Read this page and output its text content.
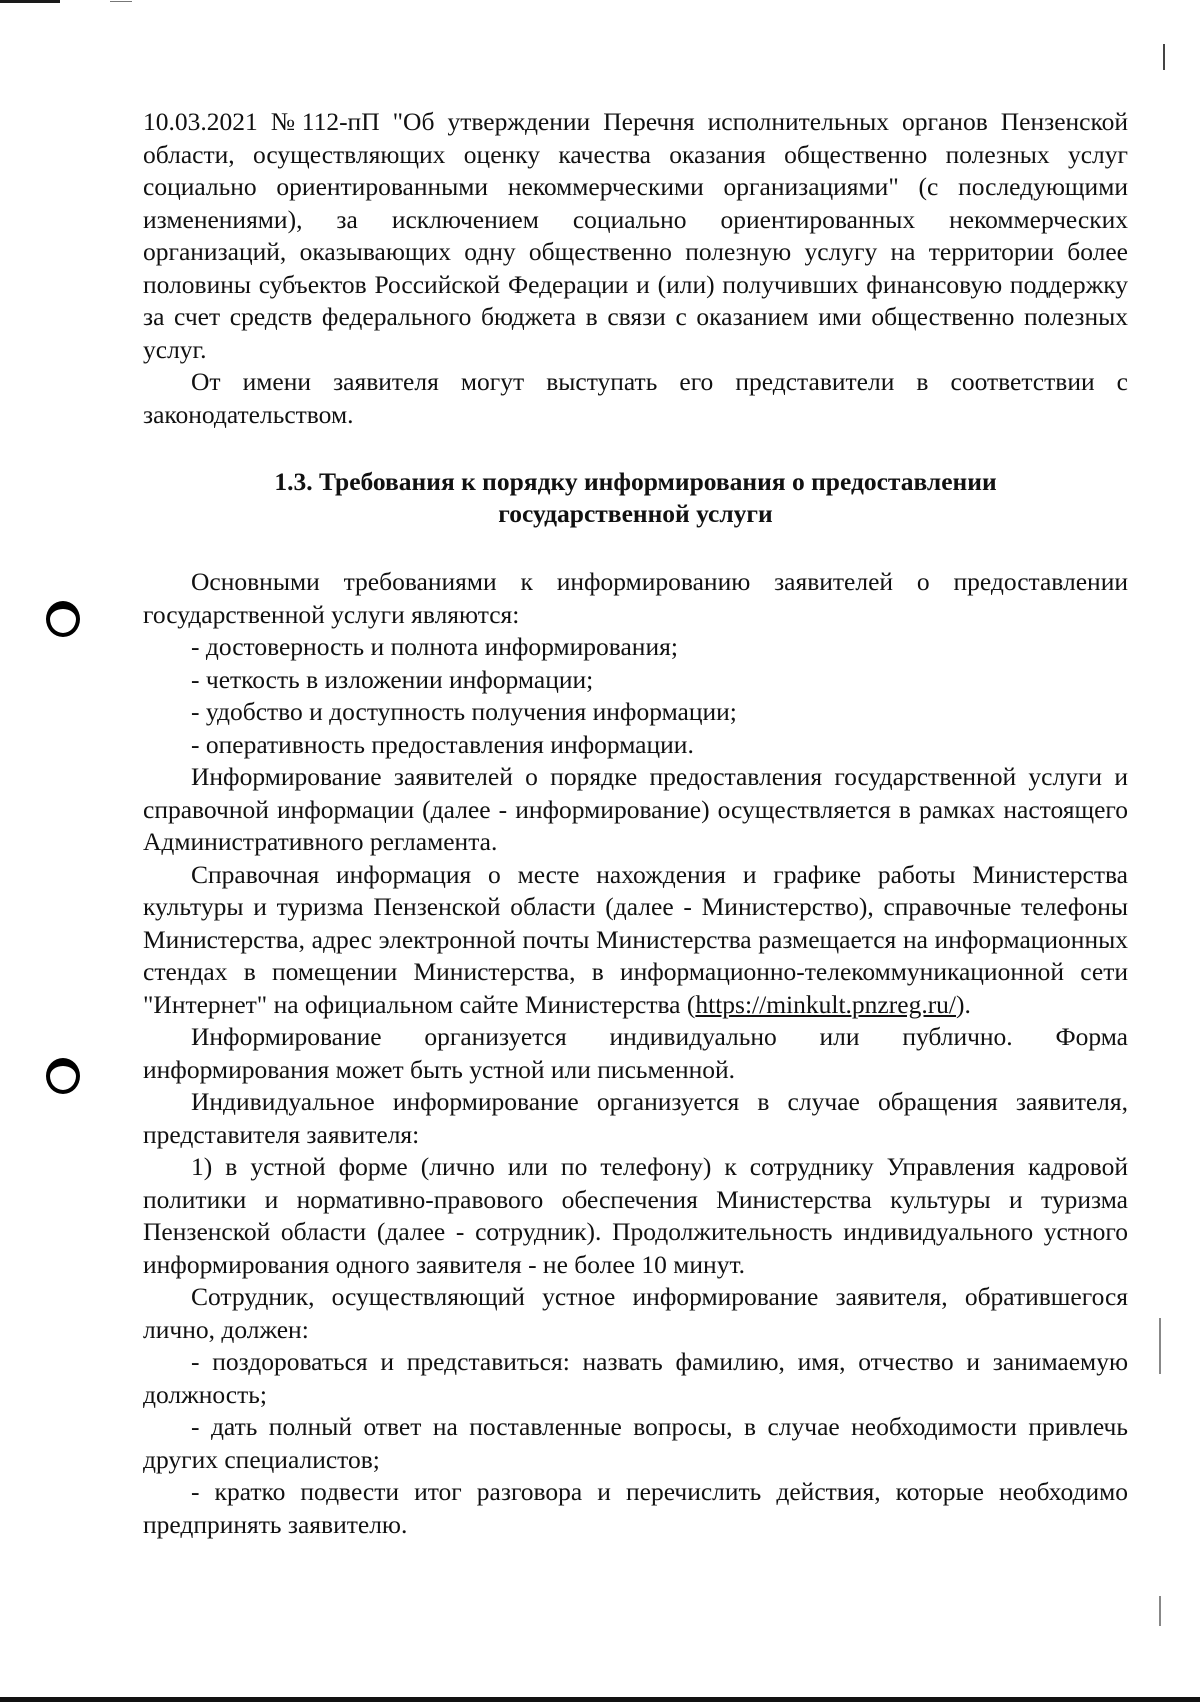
10.03.2021 №112-пП "Об утверждении Перечня исполнительных органов Пензенской области, осуществляющих оценку качества оказания общественно полезных услуг социально ориентированными некоммерческими организациями" (с последующими изменениями), за исключением социально ориентированных некоммерческих организаций, оказывающих одну общественно полезную услугу на территории более половины субъектов Российской Федерации и (или) получивших финансовую поддержку за счет средств федерального бюджета в связи с оказанием ими общественно полезных услуг.

От имени заявителя могут выступать его представители в соответствии с законодательством.

1.3. Требования к порядку информирования о предоставлении
государственной услуги

Основными требованиями к информированию заявителей о предоставлении государственной услуги являются:

- достоверность и полнота информирования;

- четкость в изложении информации;

- удобство и доступность получения информации;

- оперативность предоставления информации.

Информирование заявителей о порядке предоставления государственной услуги и справочной информации (далее - информирование) осуществляется в рамках настоящего Административного регламента.

Справочная информация о месте нахождения и графике работы Министерства культуры и туризма Пензенской области (далее - Министерство), справочные телефоны Министерства, адрес электронной почты Министерства размещается на информационных стендах в помещении Министерства, в информационно-телекоммуникационной сети "Интернет" на официальном сайте Министерства (https://minkult.pnzreg.ru/).

Информирование организуется индивидуально или публично. Форма информирования может быть устной или письменной.

Индивидуальное информирование организуется в случае обращения заявителя, представителя заявителя:

1) в устной форме (лично или по телефону) к сотруднику Управления кадровой политики и нормативно-правового обеспечения Министерства культуры и туризма Пензенской области (далее - сотрудник). Продолжительность индивидуального устного информирования одного заявителя - не более 10 минут.

Сотрудник, осуществляющий устное информирование заявителя, обратившегося лично, должен:

- поздороваться и представиться: назвать фамилию, имя, отчество и занимаемую должность;

- дать полный ответ на поставленные вопросы, в случае необходимости привлечь других специалистов;

- кратко подвести итог разговора и перечислить действия, которые необходимо предпринять заявителю.
